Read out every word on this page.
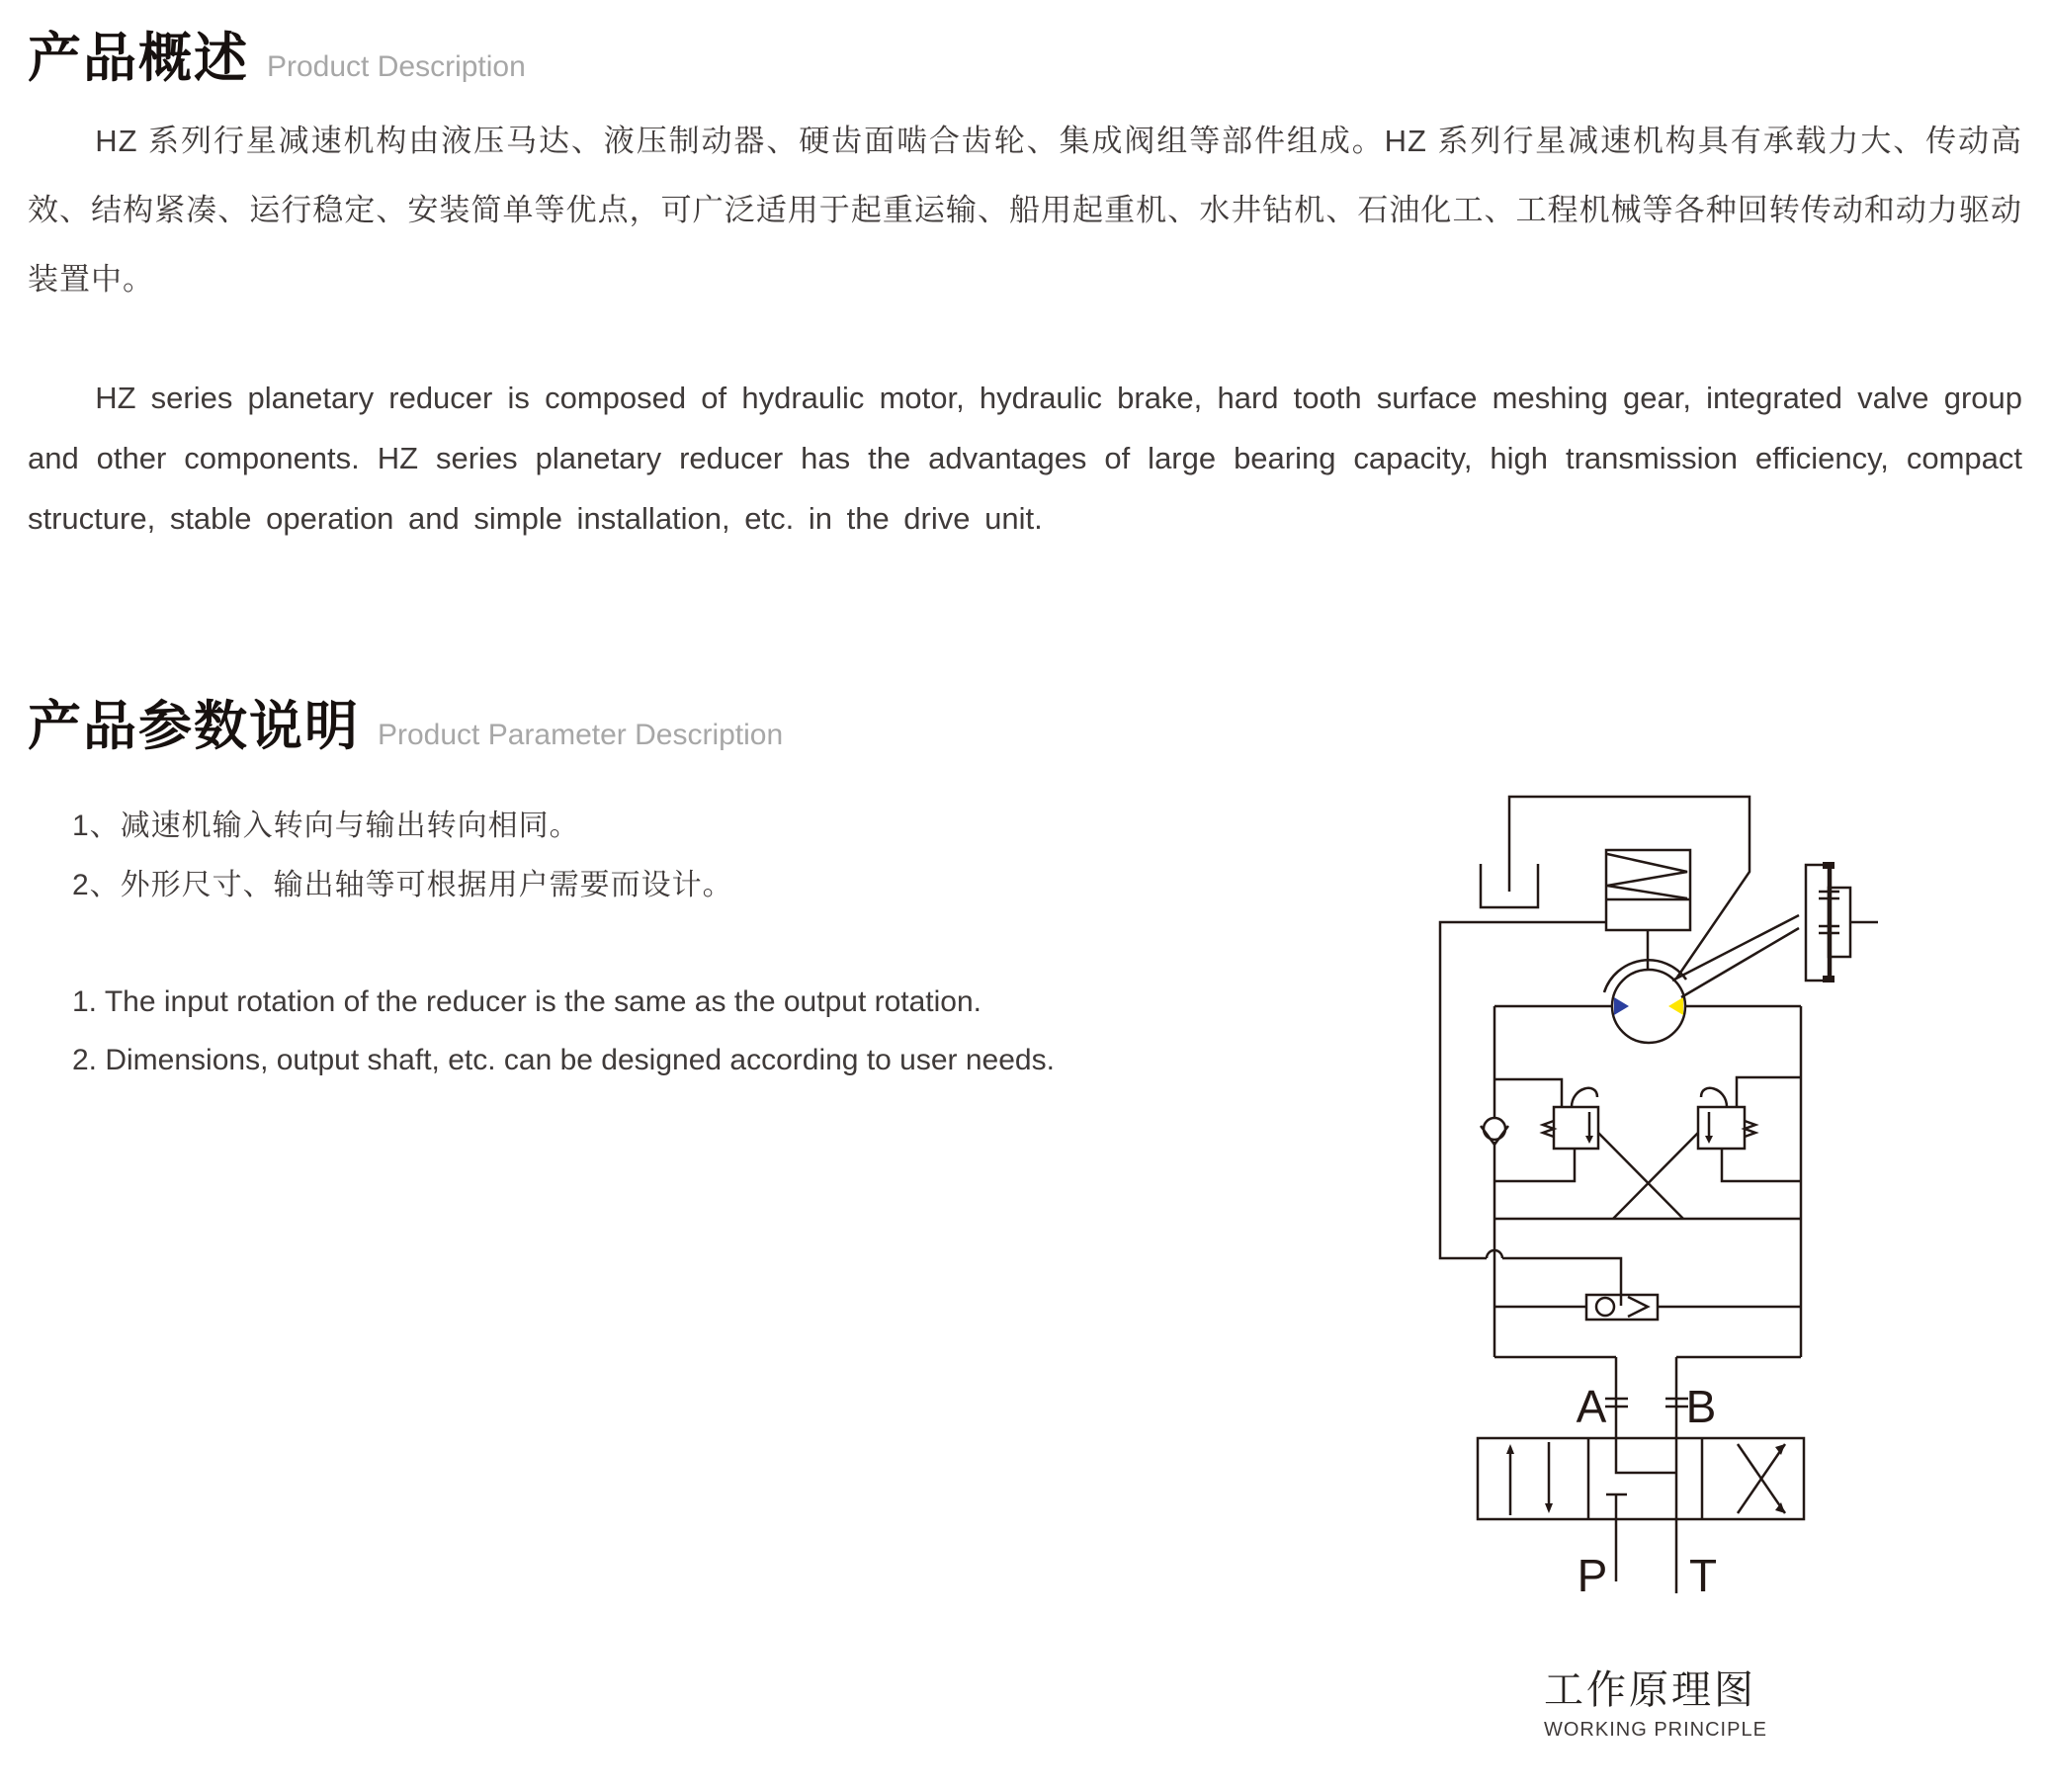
产品概述 Product Description
HZ 系列行星减速机构由液压马达、液压制动器、硬齿面啮合齿轮、集成阀组等部件组成。HZ 系列行星减速机构具有承载力大、传动高效、结构紧凑、运行稳定、安装简单等优点，可广泛适用于起重运输、船用起重机、水井钻机、石油化工、工程机械等各种回转传动和动力驱动装置中。
HZ series planetary reducer is composed of hydraulic motor, hydraulic brake, hard tooth surface meshing gear, integrated valve group and other components. HZ series planetary reducer has the advantages of large bearing capacity, high transmission efficiency, compact structure, stable operation and simple installation, etc. in the drive unit.
产品参数说明 Product Parameter Description
1、减速机输入转向与输出转向相同。
2、外形尺寸、输出轴等可根据用户需要而设计。
1. The input rotation of the reducer is the same as the output rotation.
2. Dimensions, output shaft, etc. can be designed according to user needs.
A B
P T
工作原理图
WORKING PRINCIPLE
